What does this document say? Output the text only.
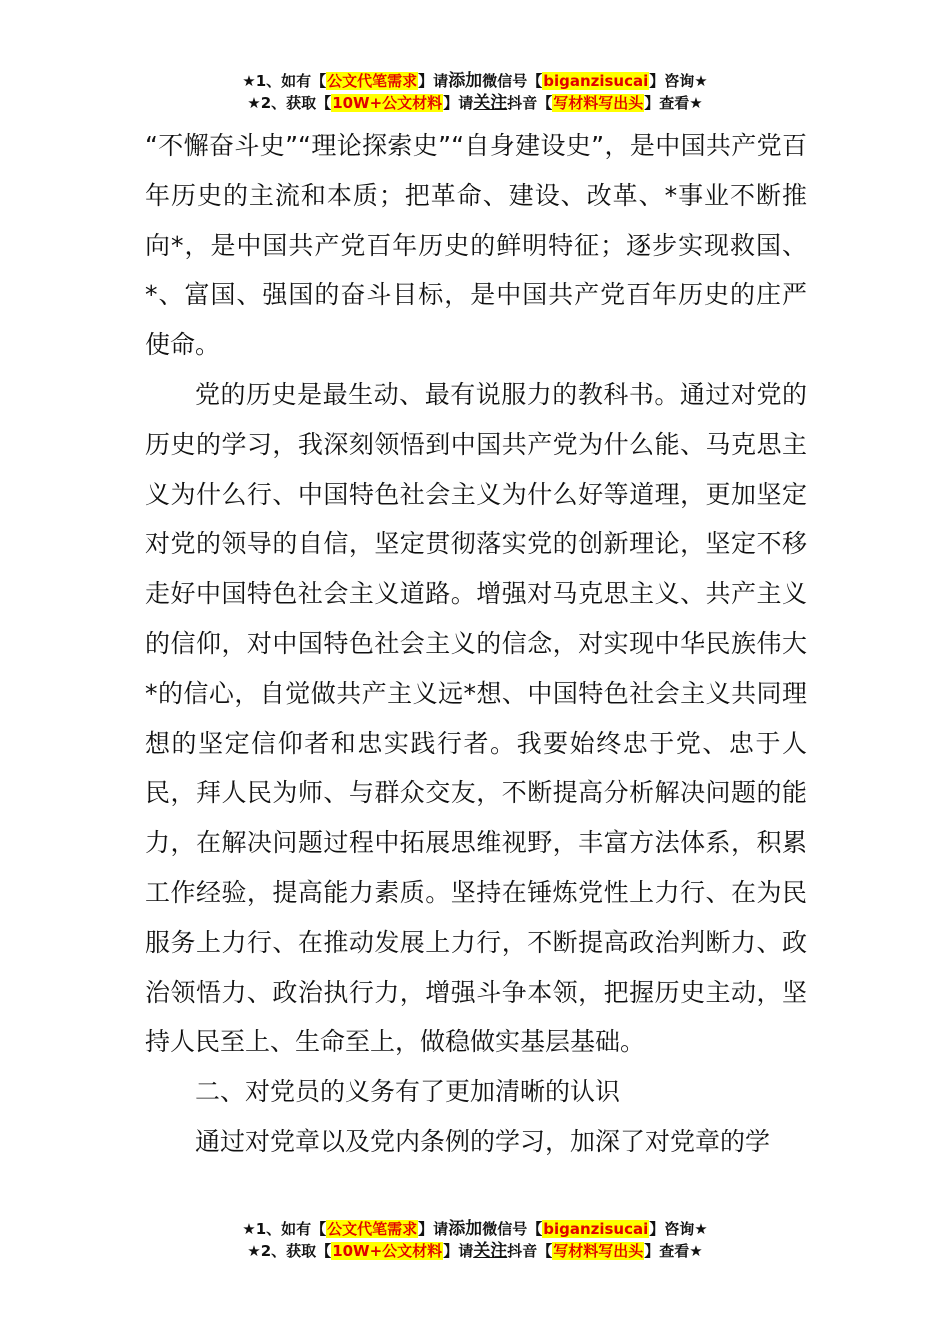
★1、如有【公文代笔需求】请添加微信号【biganzisucai】咨询★
★2、获取【10W+公文材料】请关注抖音【写材料写出头】查看★

“不懈奋斗史”“理论探索史”“自身建设史”，是中国共产党百年历史的主流和本质；把革命、建设、改革、*事业不断推向*，是中国共产党百年历史的鲜明特征；逐步实现救国、*、富国、强国的奋斗目标，是中国共产党百年历史的庄严使命。

党的历史是最生动、最有说服力的教科书。通过对党的历史的学习，我深刻领悟到中国共产党为什么能、马克思主义为什么行、中国特色社会主义为什么好等道理，更加坚定对党的领导的自信，坚定贯彻落实党的创新理论，坚定不移走好中国特色社会主义道路。增强对马克思主义、共产主义的信仰，对中国特色社会主义的信念，对实现中华民族伟大*的信心，自觉做共产主义远*想、中国特色社会主义共同理想的坚定信仰者和忠实践行者。我要始终忠于党、忠于人民，拜人民为师、与群众交友，不断提高分析解决问题的能力，在解决问题过程中拓展思维视野，丰富方法体系，积累工作经验，提高能力素质。坚持在锤炼党性上力行、在为民服务上力行、在推动发展上力行，不断提高政治判断力、政治领悟力、政治执行力，增强斗争本领，把握历史主动，坚持人民至上、生命至上，做稳做实基层基础。

二、对党员的义务有了更加清晰的认识

通过对党章以及党内条例的学习，加深了对党章的学

★1、如有【公文代笔需求】请添加微信号【biganzisucai】咨询★
★2、获取【10W+公文材料】请关注抖音【写材料写出头】查看★
